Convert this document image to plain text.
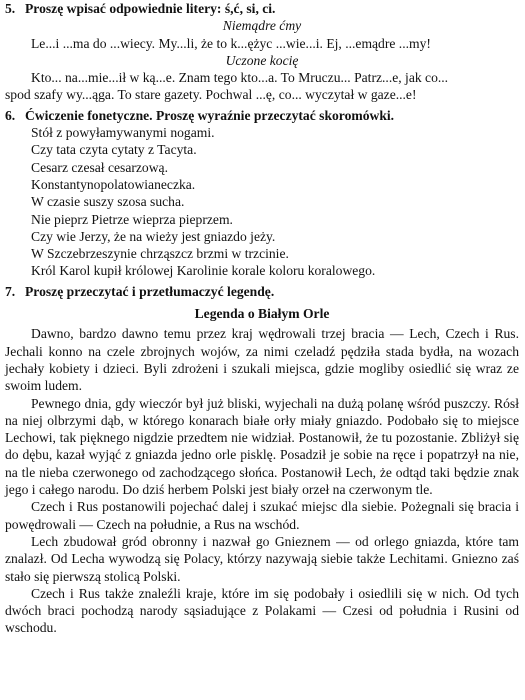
5. Proszę wpisać odpowiednie litery: ś,ć, si, ci.

Niemądre ćmy

Le...i ...ma do ...wiecy. My...li, że to k...ężyc ...wie...i. Ej, ...emądre ...my!

Uczone kocię

Kto... na...mie...ił w ką...e. Znam tego kto...a. To Mruczu... Patrz...e, jak co...

spod szafy wy...ąga. To stare gazety. Pochwal ...ę, co... wyczytał w gaze...e!

6. Ćwiczenie fonetyczne. Proszę wyraźnie przeczytać skoromówki.

Stół z powyłamywanymi nogami.

Czy tata czyta cytaty z Tacyta.

Cesarz czesał cesarzową.

Konstantynopolatowianeczka.

W czasie suszy szosa sucha.

Nie pieprz Pietrze wieprza pieprzem.

Czy wie Jerzy, że na wieży jest gniazdo jeży.

W Szczebrzeszynie chrząszcz brzmi w trzcinie.

Król Karol kupił królowej Karolinie korale koloru koralowego.

7. Proszę przeczytać i przetłumaczyć legendę.

Legenda o Białym Orle

Dawno, bardzo dawno temu przez kraj wędrowali trzej bracia — Lech, Czech i Rus. Jechali konno na czele zbrojnych wojów, za nimi czeladź pędziła stada bydła, na wozach jechały kobiety i dzieci. Byli zdrożeni i szukali miejsca, gdzie mogliby osiedlić się wraz ze swoim ludem.

Pewnego dnia, gdy wieczór był już bliski, wyjechali na dużą polanę wśród puszczy. Rósł na niej olbrzymi dąb, w którego konarach białe orły miały gniazdo. Podobało się to miejsce Lechowi, tak pięknego nigdzie przedtem nie widział. Postanowił, że tu pozostanie. Zbliżył się do dębu, kazał wyjąć z gniazda jedno orle pisklę. Posadził je sobie na ręce i popatrzył na nie, na tle nieba czerwonego od zachodzącego słońca. Postanowił Lech, że odtąd taki będzie znak jego i całego narodu. Do dziś herbem Polski jest biały orzeł na czerwonym tle.

Czech i Rus postanowili pojechać dalej i szukać miejsc dla siebie. Pożegnali się bracia i powędrowali — Czech na południe, a Rus na wschód.

Lech zbudował gród obronny i nazwał go Gnieznem — od orlego gniazda, które tam znalazł. Od Lecha wywodzą się Polacy, którzy nazywają siebie także Lechitami. Gniezno zaś stało się pierwszą stolicą Polski.

Czech i Rus także znaleźli kraje, które im się podobały i osiedlili się w nich. Od tych dwóch braci pochodzą narody sąsiadujące z Polakami — Czesi od południa i Rusini od wschodu.
